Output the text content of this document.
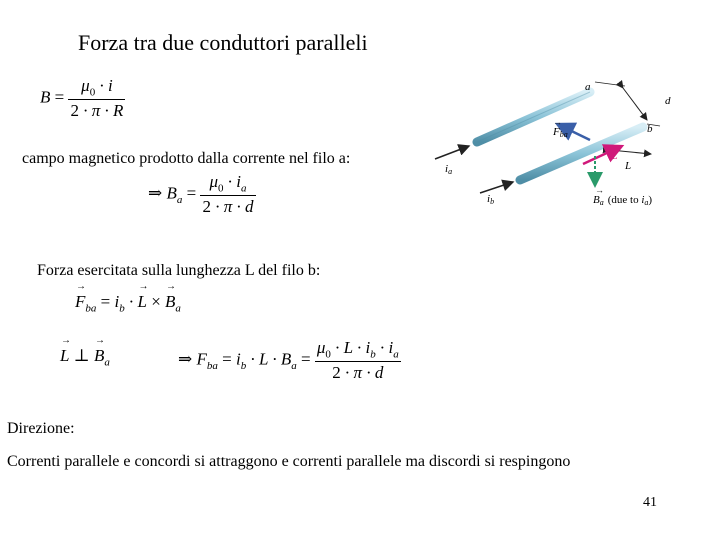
Forza tra due conduttori paralleli
$B = \frac{\mu_0 \cdot i}{2 \cdot \pi \cdot R}$
campo magnetico prodotto dalla corrente nel filo a:
⇒ $B_a = \frac{\mu_0 \cdot i_a}{2 \cdot \pi \cdot d}$
Forza esercitata sulla lunghezza L del filo b:
→ $F_{ba} = i_b$ · → L × → $B_a$
→ L ⊥ → $B_a$	⇒ $F_{ba} = i_b \cdot L \cdot B_a = \frac{\mu_0 \cdot L \cdot i_b \cdot i_a}{2 \cdot \pi \cdot d}$
Direzione:
Correnti parallele e concordi si attraggono e correnti parallele ma discordi si respingono
41
a
b
d
L
L
ia
ib
Fba
Ba (due to ia)
→
→
